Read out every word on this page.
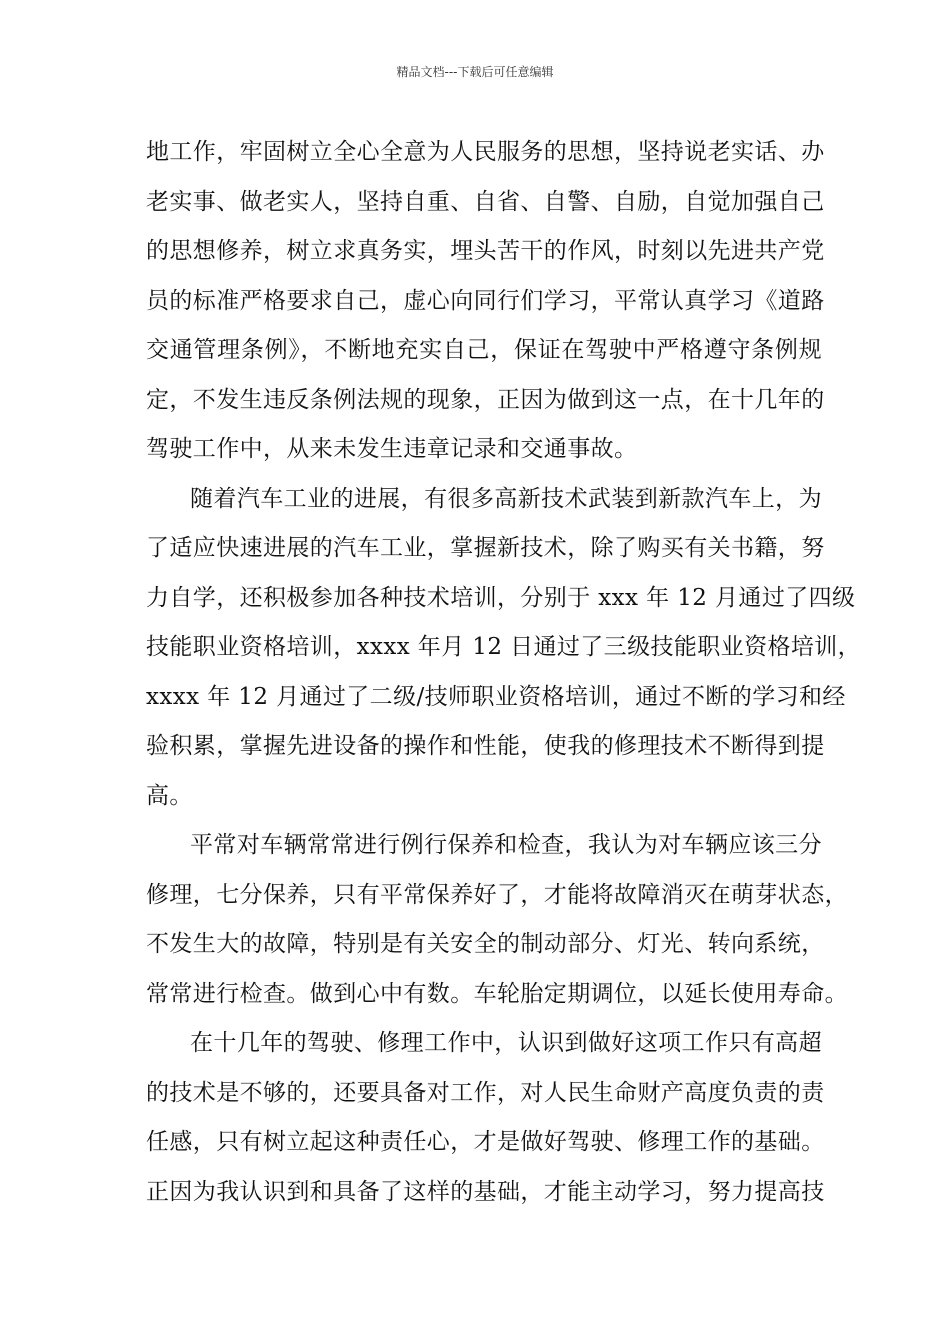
精品文档---下载后可任意编辑
地工作，牢固树立全心全意为人民服务的思想，坚持说老实话、办
老实事、做老实人，坚持自重、自省、自警、自励，自觉加强自己
的思想修养，树立求真务实，埋头苦干的作风，时刻以先进共产党
员的标准严格要求自己，虚心向同行们学习，平常认真学习《道路
交通管理条例》，不断地充实自己，保证在驾驶中严格遵守条例规
定，不发生违反条例法规的现象，正因为做到这一点，在十几年的
驾驶工作中，从来未发生违章记录和交通事故。
随着汽车工业的进展，有很多高新技术武装到新款汽车上，为
了适应快速进展的汽车工业，掌握新技术，除了购买有关书籍，努
力自学，还积极参加各种技术培训，分别于 xxx 年 12 月通过了四级
技能职业资格培训，xxxx 年月 12 日通过了三级技能职业资格培训，
xxxx 年 12 月通过了二级/技师职业资格培训，通过不断的学习和经
验积累，掌握先进设备的操作和性能，使我的修理技术不断得到提
高。
平常对车辆常常进行例行保养和检查，我认为对车辆应该三分
修理，七分保养，只有平常保养好了，才能将故障消灭在萌芽状态，
不发生大的故障，特别是有关安全的制动部分、灯光、转向系统，
常常进行检查。做到心中有数。车轮胎定期调位，以延长使用寿命。
在十几年的驾驶、修理工作中，认识到做好这项工作只有高超
的技术是不够的，还要具备对工作，对人民生命财产高度负责的责
任感，只有树立起这种责任心，才是做好驾驶、修理工作的基础。
正因为我认识到和具备了这样的基础，才能主动学习，努力提高技
